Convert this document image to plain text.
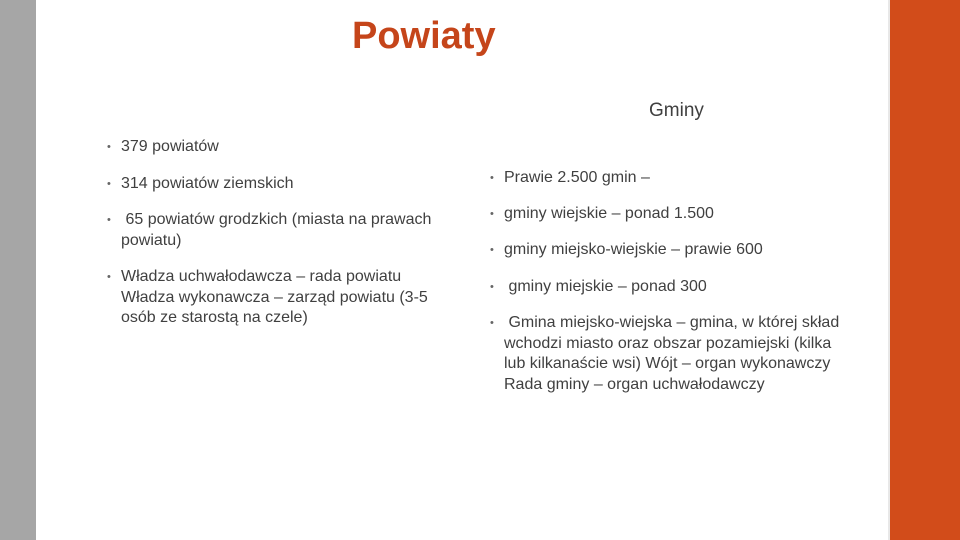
Powiaty
Gminy
• 379 powiatów
• 314 powiatów ziemskich
• 65 powiatów grodzkich (miasta na prawach powiatu)
• Władza uchwałodawcza – rada powiatu Władza wykonawcza – zarząd powiatu (3-5 osób ze starostą na czele)
• Prawie 2.500 gmin –
• gminy wiejskie – ponad 1.500
• gminy miejsko-wiejskie – prawie 600
• gminy miejskie – ponad 300
• Gmina miejsko-wiejska – gmina, w której skład wchodzi miasto oraz obszar pozamiejski (kilka lub kilkanaście wsi) Wójt – organ wykonawczy Rada gminy – organ uchwałodawczy
